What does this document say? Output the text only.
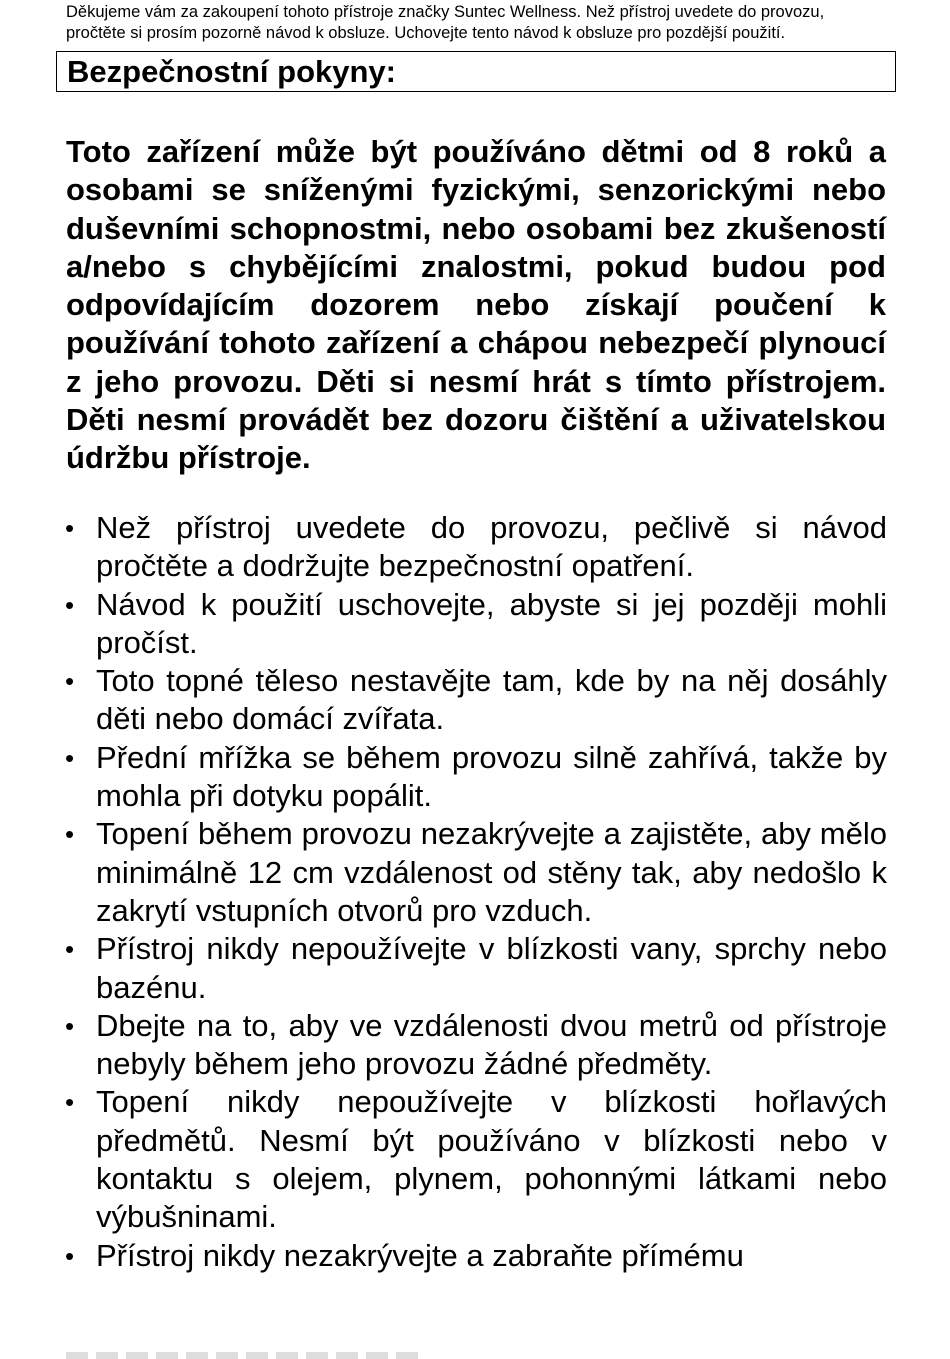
Děkujeme vám za zakoupení tohoto přístroje značky Suntec Wellness. Než přístroj uvedete do provozu, pročtěte si prosím pozorně návod k obsluze. Uchovejte tento návod k obsluze pro pozdější použití.
Bezpečnostní pokyny:

Toto zařízení může být používáno dětmi od 8 roků a osobami se sníženými fyzickými, senzorickými nebo duševními schopnostmi, nebo osobami bez zkušeností a/nebo s chybějícími znalostmi, pokud budou pod odpovídajícím dozorem nebo získají poučení k používání tohoto zařízení a chápou nebezpečí plynoucí z jeho provozu. Děti si nesmí hrát s tímto přístrojem. Děti nesmí provádět bez dozoru čištění a uživatelskou údržbu přístroje.

• Než přístroj uvedete do provozu, pečlivě si návod pročtěte a dodržujte bezpečnostní opatření.
• Návod k použití uschovejte, abyste si jej později mohli pročíst.
• Toto topné těleso nestavějte tam, kde by na něj dosáhly děti nebo domácí zvířata.
• Přední mřížka se během provozu silně zahřívá, takže by mohla při dotyku popálit.
• Topení během provozu nezakrývejte a zajistěte, aby mělo minimálně 12 cm vzdálenost od stěny tak, aby nedošlo k zakrytí vstupních otvorů pro vzduch.
• Přístroj nikdy nepoužívejte v blízkosti vany, sprchy nebo bazénu.
• Dbejte na to, aby ve vzdálenosti dvou metrů od přístroje nebyly během jeho provozu žádné předměty.
• Topení nikdy nepoužívejte v blízkosti hořlavých předmětů. Nesmí být používáno v blízkosti nebo v kontaktu s olejem, plynem, pohonnými látkami nebo výbušninami.
• Přístroj nikdy nezakrývejte a zabraňte přímému
